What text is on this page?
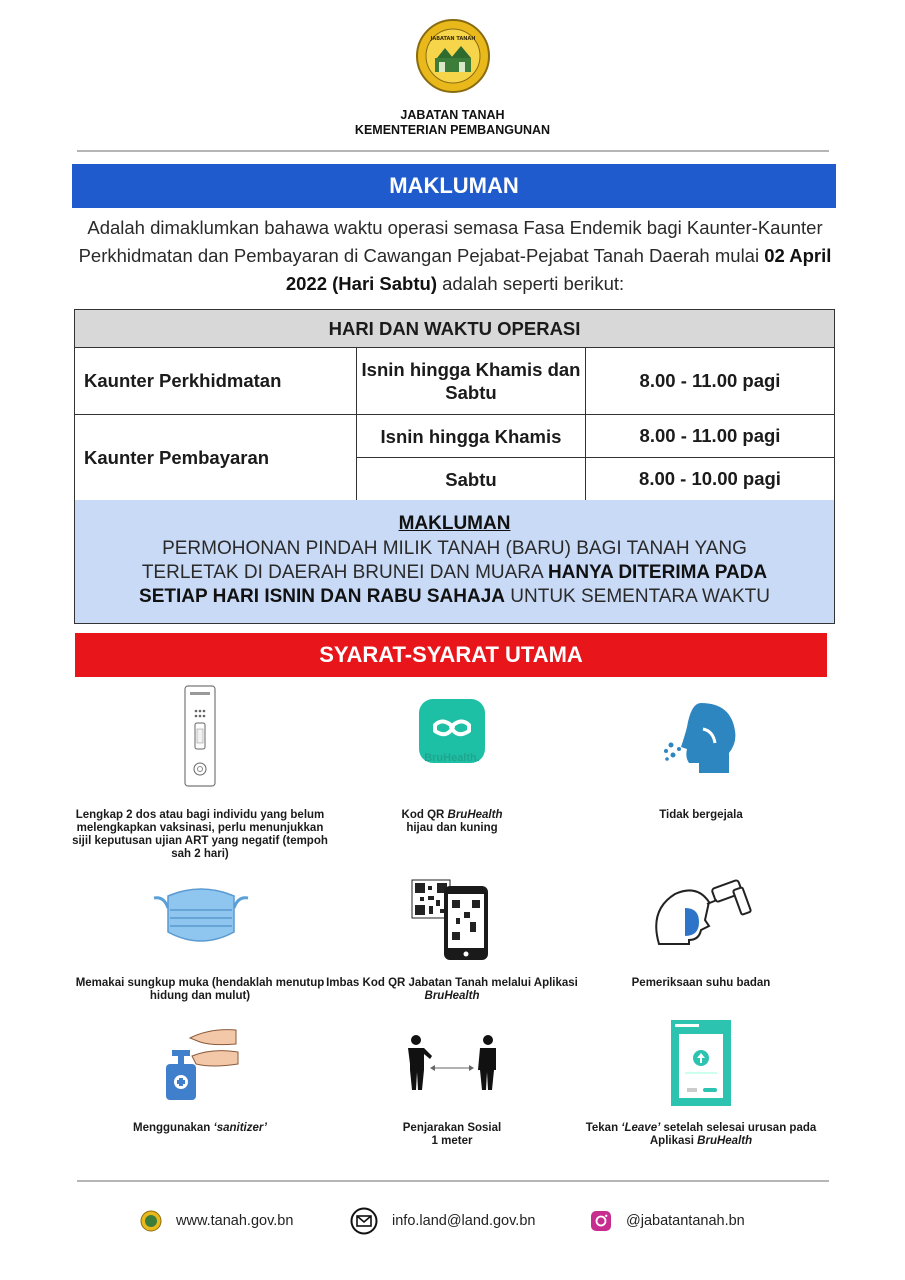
JABATAN TANAH
JABATAN TANAH
KEMENTERIAN PEMBANGUNAN
MAKLUMAN
Adalah dimaklumkan bahawa waktu operasi semasa Fasa Endemik bagi Kaunter-Kaunter Perkhidmatan dan Pembayaran di Cawangan Pejabat-Pejabat Tanah Daerah mulai 02 April 2022 (Hari Sabtu) adalah seperti berikut:
HARI DAN WAKTU OPERASI		
Kaunter Perkhidmatan	Isnin hingga Khamis dan Sabtu	8.00 - 11.00 pagi
Kaunter Pembayaran	Isnin hingga Khamis	8.00 - 11.00 pagi
	Sabtu	8.00 - 10.00 pagi
MAKLUMAN
PERMOHONAN PINDAH MILIK TANAH (BARU) BAGI TANAH YANG
TERLETAK DI DAERAH BRUNEI DAN MUARA HANYA DITERIMA PADA
SETIAP HARI ISNIN DAN RABU SAHAJA UNTUK SEMENTARA WAKTU
SYARAT-SYARAT UTAMA
Lengkap 2 dos atau bagi individu yang belum melengkapkan vaksinasi, perlu menunjukkan sijil keputusan ujian ART yang negatif (tempoh sah 2 hari)
BruHealth.
Kod QR BruHealth
hijau dan kuning
Tidak bergejala
Memakai sungkup muka (hendaklah menutup hidung dan mulut)
Imbas Kod QR Jabatan Tanah melalui Aplikasi BruHealth
Pemeriksaan suhu badan
Menggunakan ‘sanitizer’	Penjarakan Sosial
1 meter
Tekan ‘Leave’ setelah selesai urusan pada Aplikasi BruHealth
www.tanah.gov.bn	info.land@land.gov.bn	@jabatantanah.bn
